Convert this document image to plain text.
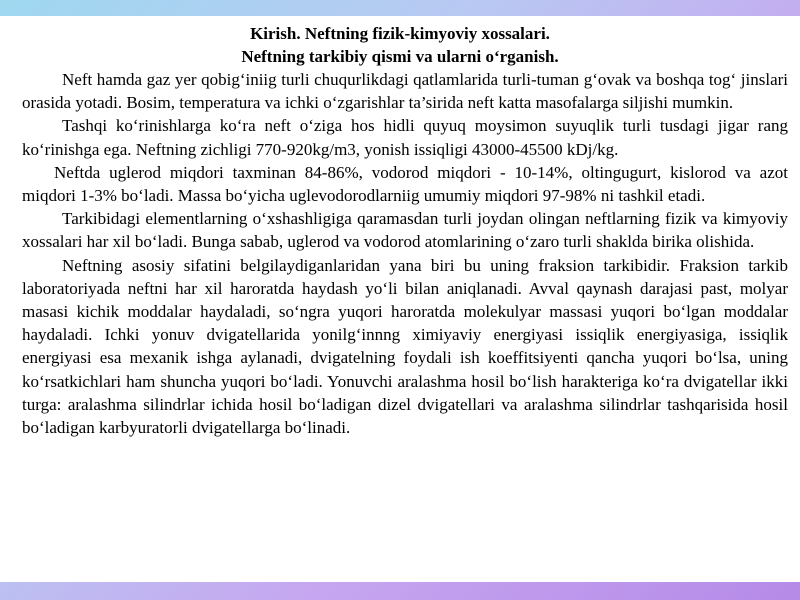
Kirish. Neftning fizik-kimyoviy xossalari.

Neftning tarkibiy qismi va ularni o‘rganish.

Neft hamda gaz yer qobig‘iniig turli chuqurlikdagi qatlamlarida turli-tuman g‘ovak va boshqa tog‘ jinslari orasida yotadi. Bosim, temperatura va ichki o‘zgarishlar ta’sirida neft katta masofalarga siljishi mumkin.

Tashqi ko‘rinishlarga ko‘ra neft o‘ziga hos hidli quyuq moysimon suyuqlik turli tusdagi jigar rang ko‘rinishga ega. Neftning zichligi 770-920kg/m3, yonish issiqligi 43000-45500 kDj/kg.

Neftda uglerod miqdori taxminan 84-86%, vodorod miqdori - 10-14%, oltingugurt, kislorod va azot miqdori 1-3% bo‘ladi. Massa bo‘yicha uglevodorodlarniig umumiy miqdori 97-98% ni tashkil etadi.

Tarkibidagi elementlarning o‘xshashligiga qaramasdan turli joydan olingan neftlarning fizik va kimyoviy xossalari har xil bo‘ladi. Bunga sabab, uglerod va vodorod atomlarining o‘zaro turli shaklda birika olishida.

Neftning asosiy sifatini belgilaydiganlaridan yana biri bu uning fraksion tarkibidir. Fraksion tarkib laboratoriyada neftni har xil haroratda haydash yo‘li bilan aniqlanadi. Avval qaynash darajasi past, molyar masasi kichik moddalar haydaladi, so‘ngra yuqori haroratda molekulyar massasi yuqori bo‘lgan moddalar haydaladi. Ichki yonuv dvigatellarida yonilg‘innng ximiyaviy energiyasi issiqlik energiyasiga, issiqlik energiyasi esa mexanik ishga aylanadi, dvigatelning foydali ish koeffitsiyenti qancha yuqori bo‘lsa, uning ko‘rsatkichlari ham shuncha yuqori bo‘ladi. Yonuvchi aralashma hosil bo‘lish harakteriga ko‘ra dvigatellar ikki turga: aralashma silindrlar ichida hosil bo‘ladigan dizel dvigatellari va aralashma silindrlar tashqarisida hosil bo‘ladigan karbyuratorli dvigatellarga bo‘linadi.
